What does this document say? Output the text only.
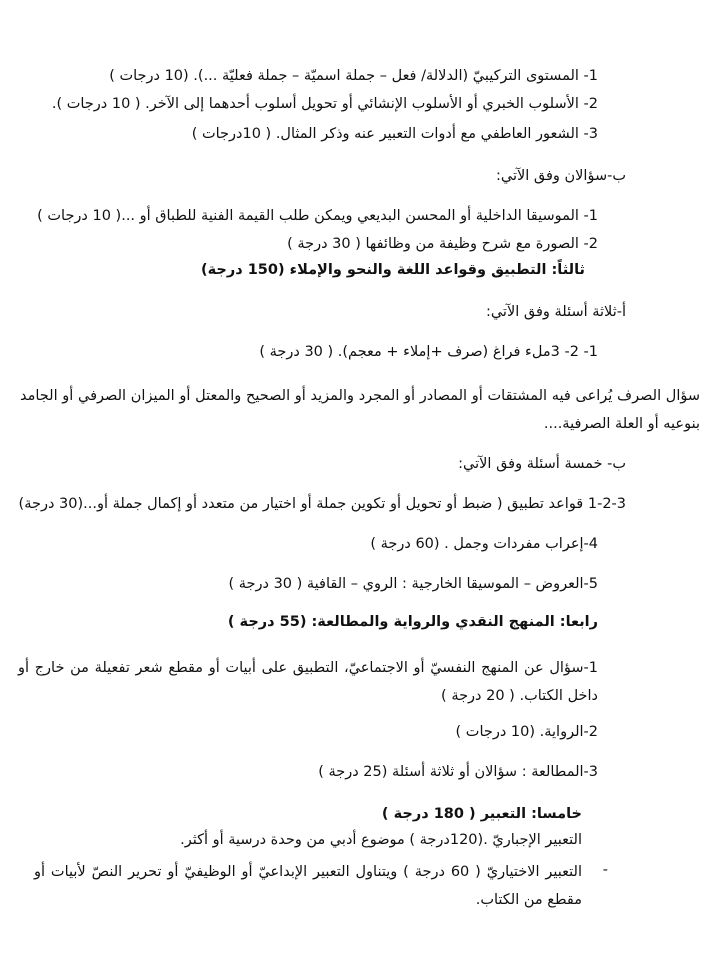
1- المستوى التركيبيّ (الدلالة/ فعل – جملة اسميّة – جملة فعليّة ...). (10 درجات )
2- الأسلوب الخبري أو الأسلوب الإنشائي أو تحويل أسلوب أحدهما إلى الآخر. ( 10 درجات ).
3- الشعور العاطفي مع أدوات التعبير عنه وذكر المثال. ( 10درجات )
ب-سؤالان وفق الآتي:
1- الموسيقا الداخلية أو المحسن البديعي ويمكن طلب القيمة الفنية للطباق أو ...( 10 درجات )
2- الصورة مع شرح وظيفة من وظائفها ( 30 درجة )
ثالثاً: التطبيق وقواعد اللغة والنحو والإملاء (150 درجة)
أ-ثلاثة أسئلة وفق الآتي:
1- 2- 3ملء فراغ (صرف +إملاء + معجم). ( 30 درجة )
سؤال الصرف يُراعى فيه المشتقات أو المصادر أو المجرد والمزيد أو الصحيح والمعتل أو الميزان الصرفي أو الجامد بنوعيه أو العلة الصرفية....
ب- خمسة أسئلة وفق الآتي:
1-2-3 قواعد تطبيق ( ضبط أو تحويل أو تكوين جملة أو اختيار من متعدد أو إكمال جملة أو...(30 درجة)
4-إعراب مفردات وجمل . (60 درجة )
5-العروض – الموسيقا الخارجية : الروي – القافية ( 30 درجة )
رابعا: المنهج النقدي والرواية والمطالعة: (55 درجة )
1-سؤال عن المنهج النفسيّ أو الاجتماعيّ، التطبيق على أبيات أو مقطع شعر تفعيلة من خارج أو داخل الكتاب. ( 20 درجة )
2-الرواية. (10 درجات )
3-المطالعة : سؤالان أو ثلاثة أسئلة (25 درجة )
خامسا: التعبير ( 180 درجة )
التعبير الإجباريّ .(120درجة ) موضوع أدبي من وحدة درسية أو أكثر.
التعبير الاختياريّ ( 60 درجة ) ويتناول التعبير الإبداعيّ أو الوظيفيّ أو تحرير النصّ لأبيات أو مقطع من الكتاب.
-
